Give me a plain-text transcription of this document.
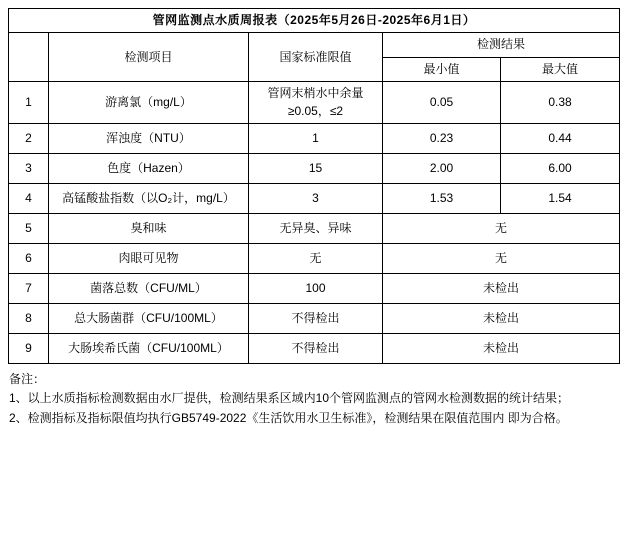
管网监测点水质周报表（2025年5月26日-2025年6月1日）				
	检测项目	国家标准限值	检测结果	
			最小值	最大值
1	游离氯（mg/L）	管网末梢水中余量≥0.05，≤2	0.05	0.38
2	浑浊度（NTU）	1	0.23	0.44
3	色度（Hazen）	15	2.00	6.00
4	高锰酸盐指数（以O₂计，mg/L）	3	1.53	1.54
5	臭和味	无异臭、异味	无	
6	肉眼可见物	无	无	
7	菌落总数（CFU/ML）	100	未检出	
8	总大肠菌群（CFU/100ML）	不得检出	未检出	
9	大肠埃希氏菌（CFU/100ML）	不得检出	未检出	
备注：
1、以上水质指标检测数据由水厂提供，检测结果系区域内10个管网监测点的管网水检测数据的统计结果；
2、检测指标及指标限值均执行GB5749-2022《生活饮用水卫生标准》，检测结果在限值范围内 即为合格。
